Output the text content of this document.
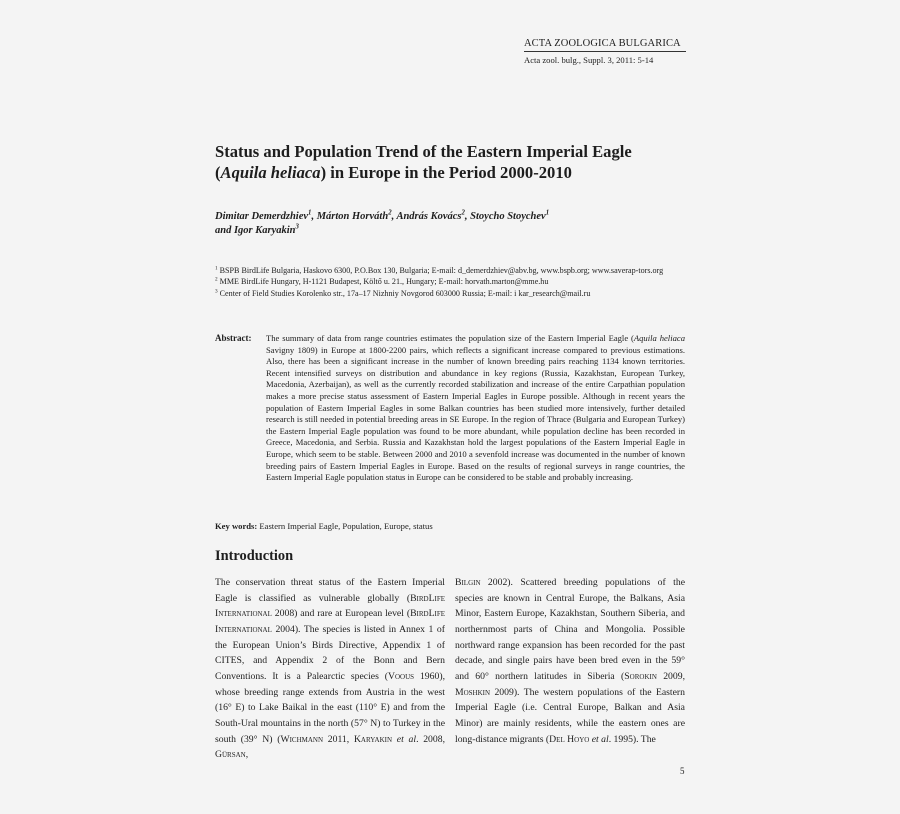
ACTA ZOOLOGICA BULGARICA
Acta zool. bulg., Suppl. 3, 2011: 5-14
Status and Population Trend of the Eastern Imperial Eagle
(Aquila heliaca) in Europe in the Period 2000-2010
Dimitar Demerdzhiev$^1$, Márton Horváth$^2$, András Kovács$^2$, Stoycho Stoychev$^1$
and Igor Karyakin$^3$
$^1$ BSPB BirdLife Bulgaria, Haskovo 6300, P.O.Box 130, Bulgaria; E-mail: d_demerdzhiev@abv.bg, www.bspb.org; www.saverap-tors.org
$^2$ MME BirdLife Hungary, H-1121 Budapest, Költő u. 21., Hungary; E-mail: horvath.marton@mme.hu
$^3$ Center of Field Studies Korolenko str., 17a–17 Nizhniy Novgorod 603000 Russia; E-mail: i kar_research@mail.ru
Abstract: The summary of data from range countries estimates the population size of the Eastern Imperial Eagle (Aquila heliaca Savigny 1809) in Europe at 1800-2200 pairs, which reflects a significant increase compared to previous estimations. Also, there has been a significant increase in the number of known breeding pairs reaching 1134 known territories. Recent intensified surveys on distribution and abundance in key regions (Russia, Kazakhstan, European Turkey, Macedonia, Azerbaijan), as well as the currently recorded stabilization and increase of the entire Carpathian population makes a more precise status assessment of Eastern Imperial Eagles in Europe possible. Although in recent years the population of Eastern Imperial Eagles in some Balkan countries has been studied more intensively, further detailed research is still needed in potential breeding areas in SE Europe. In the region of Thrace (Bulgaria and European Turkey) the Eastern Imperial Eagle population was found to be more abundant, while population decline has been recorded in Greece, Macedonia, and Serbia. Russia and Kazakhstan hold the largest populations of the Eastern Imperial Eagle in Europe, which seem to be stable. Between 2000 and 2010 a sevenfold increase was documented in the number of known breeding pairs of Eastern Imperial Eagles in Europe. Based on the results of regional surveys in range countries, the Eastern Imperial Eagle population status in Europe can be considered to be stable and probably increasing.
Key words: Eastern Imperial Eagle, Population, Europe, status
Introduction
The conservation threat status of the Eastern Imperial Eagle is classified as vulnerable globally (BirdLife International 2008) and rare at European level (BirdLife International 2004). The species is listed in Annex 1 of the European Union’s Birds Directive, Appendix 1 of CITES, and Appendix 2 of the Bonn and Bern Conventions. It is a Palearctic species (Voous 1960), whose breeding range extends from Austria in the west (16° E) to Lake Baikal in the east (110° E) and from the South-Ural mountains in the north (57° N) to Turkey in the south (39° N) (Wichmann 2011, Karyakin et al. 2008, Gürsan,
Bilgin 2002). Scattered breeding populations of the species are known in Central Europe, the Balkans, Asia Minor, Eastern Europe, Kazakhstan, Southern Siberia, and northernmost parts of China and Mongolia. Possible northward range expansion has been recorded for the past decade, and single pairs have been bred even in the 59° and 60° northern latitudes in Siberia (Sorokin 2009, Moshkin 2009). The western populations of the Eastern Imperial Eagle (i.e. Central Europe, Balkan and Asia Minor) are mainly residents, while the eastern ones are long-distance migrants (Del Hoyo et al. 1995). The
5
